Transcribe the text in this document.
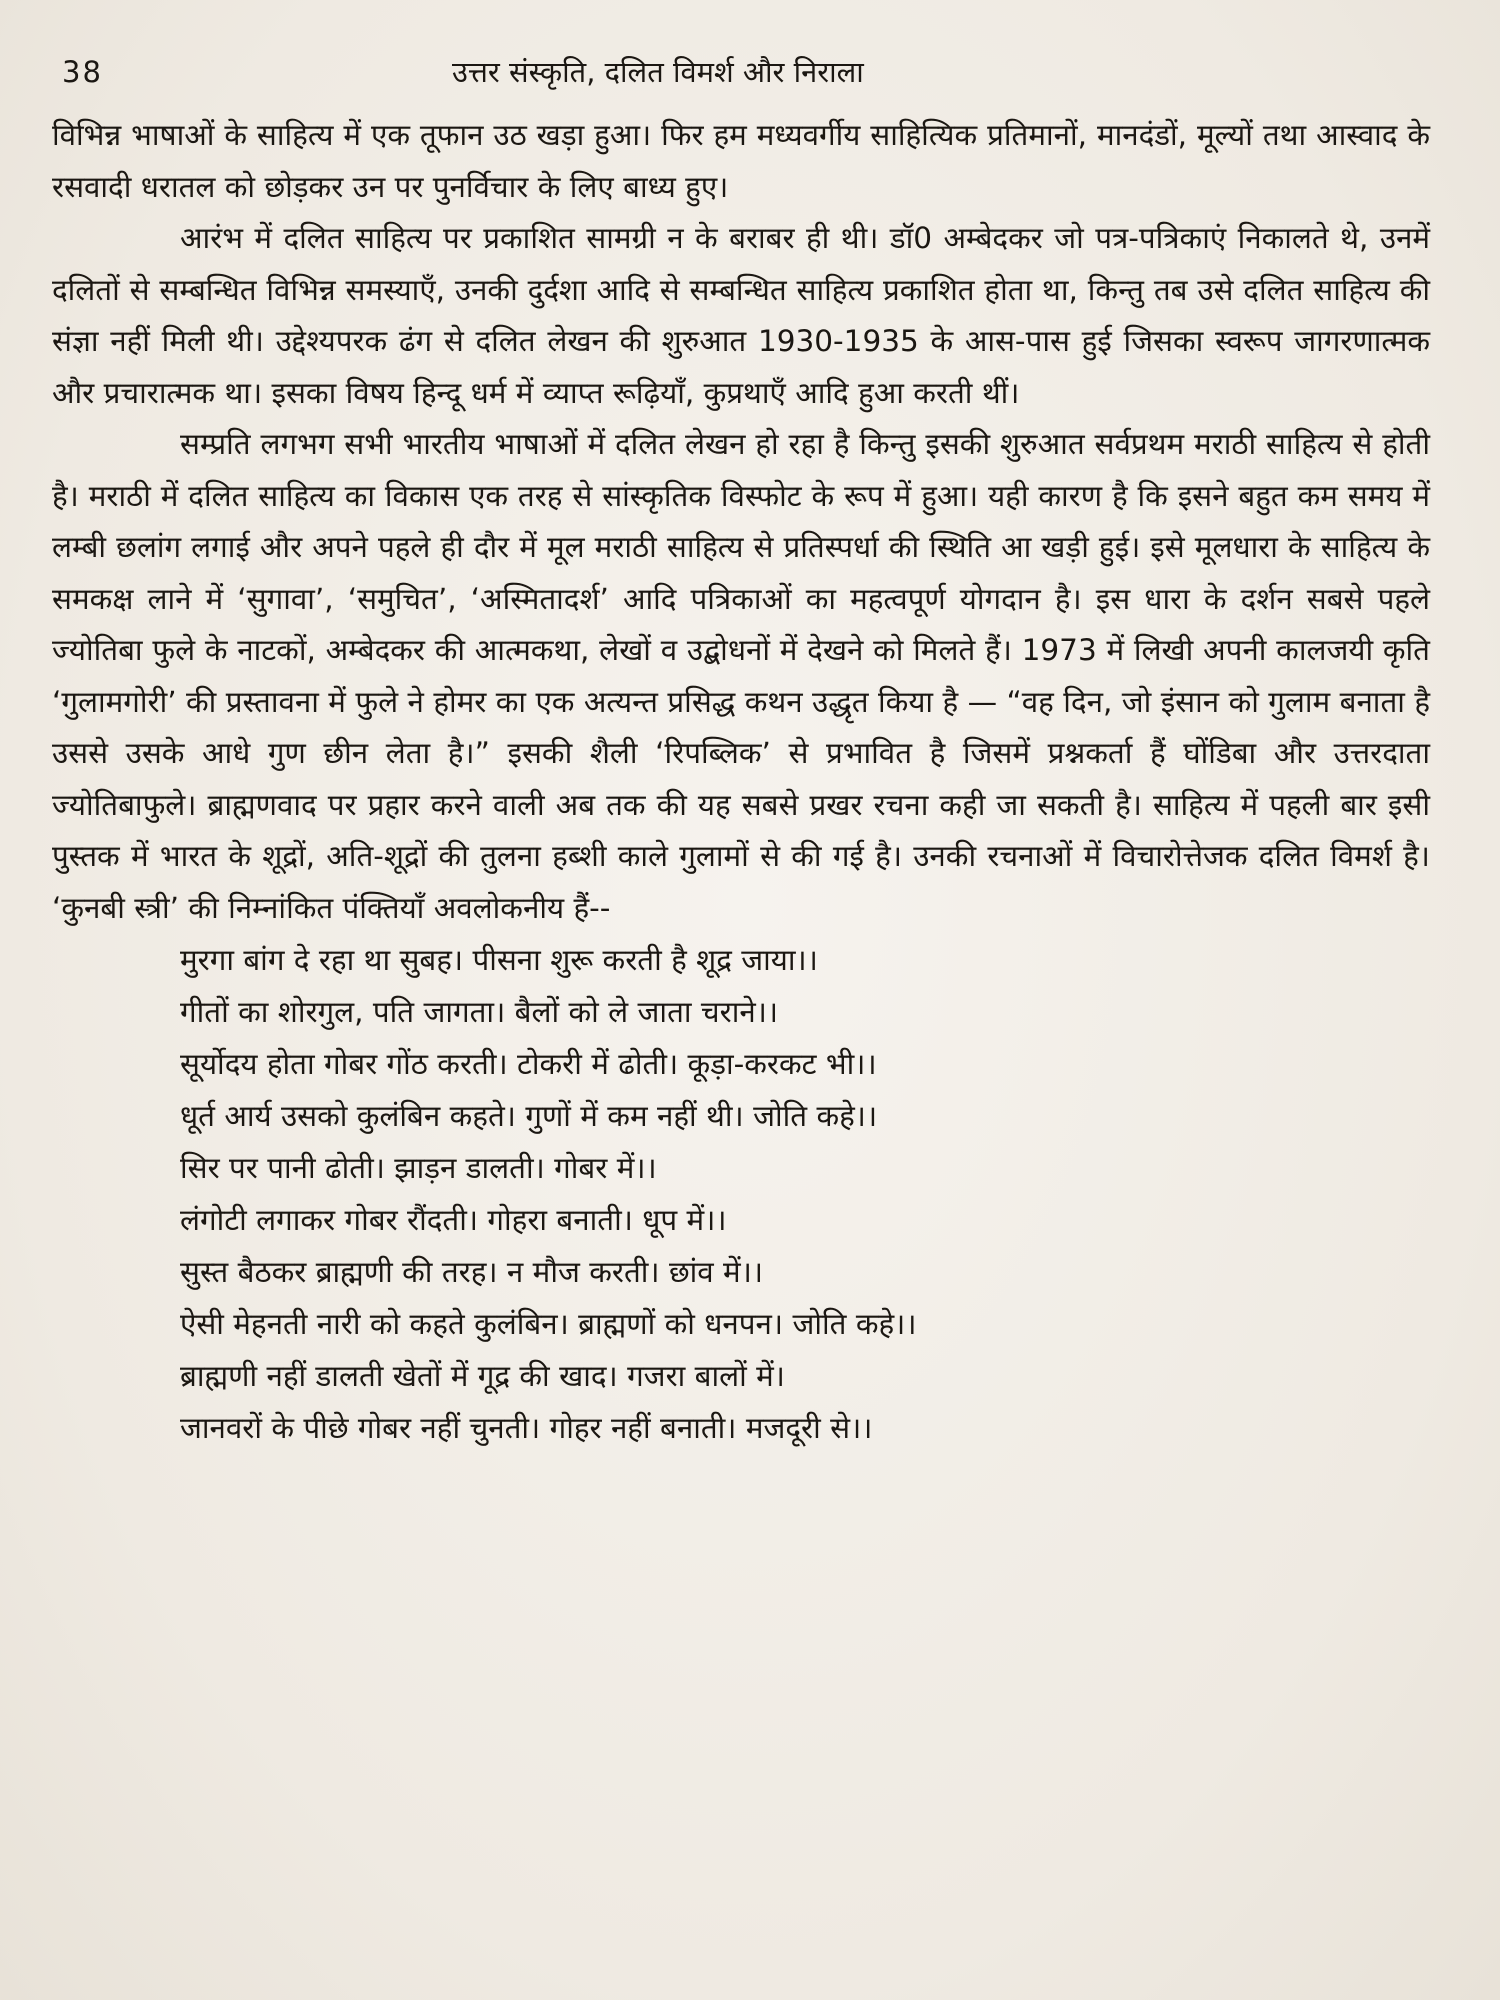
38	उत्तर संस्कृति, दलित विमर्श और निराला

विभिन्न भाषाओं के साहित्य में एक तूफान उठ खड़ा हुआ। फिर हम मध्यवर्गीय साहित्यिक प्रतिमानों, मानदंडों, मूल्यों तथा आस्वाद के रसवादी धरातल को छोड़कर उन पर पुनर्विचार के लिए बाध्य हुए।

आरंभ में दलित साहित्य पर प्रकाशित सामग्री न के बराबर ही थी। डॉ0 अम्बेदकर जो पत्र-पत्रिकाएं निकालते थे, उनमें दलितों से सम्बन्धित विभिन्न समस्याएँ, उनकी दुर्दशा आदि से सम्बन्धित साहित्य प्रकाशित होता था, किन्तु तब उसे दलित साहित्य की संज्ञा नहीं मिली थी। उद्देश्यपरक ढंग से दलित लेखन की शुरुआत 1930-1935 के आस-पास हुई जिसका स्वरूप जागरणात्मक और प्रचारात्मक था। इसका विषय हिन्दू धर्म में व्याप्त रूढ़ियाँ, कुप्रथाएँ आदि हुआ करती थीं।

सम्प्रति लगभग सभी भारतीय भाषाओं में दलित लेखन हो रहा है किन्तु इसकी शुरुआत सर्वप्रथम मराठी साहित्य से होती है। मराठी में दलित साहित्य का विकास एक तरह से सांस्कृतिक विस्फोट के रूप में हुआ। यही कारण है कि इसने बहुत कम समय में लम्बी छलांग लगाई और अपने पहले ही दौर में मूल मराठी साहित्य से प्रतिस्पर्धा की स्थिति आ खड़ी हुई। इसे मूलधारा के साहित्य के समकक्ष लाने में ‘सुगावा’, ‘समुचित’, ‘अस्मितादर्श’ आदि पत्रिकाओं का महत्वपूर्ण योगदान है। इस धारा के दर्शन सबसे पहले ज्योतिबा फुले के नाटकों, अम्बेदकर की आत्मकथा, लेखों व उद्बोधनों में देखने को मिलते हैं। 1973 में लिखी अपनी कालजयी कृति ‘गुलामगोरी’ की प्रस्तावना में फुले ने होमर का एक अत्यन्त प्रसिद्ध कथन उद्धृत किया है — “वह दिन, जो इंसान को गुलाम बनाता है उससे उसके आधे गुण छीन लेता है।” इसकी शैली ‘रिपब्लिक’ से प्रभावित है जिसमें प्रश्नकर्ता हैं घोंडिबा और उत्तरदाता ज्योतिबाफुले। ब्राह्मणवाद पर प्रहार करने वाली अब तक की यह सबसे प्रखर रचना कही जा सकती है। साहित्य में पहली बार इसी पुस्तक में भारत के शूद्रों, अति-शूद्रों की तुलना हब्शी काले गुलामों से की गई है। उनकी रचनाओं में विचारोत्तेजक दलित विमर्श है। ‘कुनबी स्त्री’ की निम्नांकित पंक्तियाँ अवलोकनीय हैं--

मुरगा बांग दे रहा था सुबह। पीसना शुरू करती है शूद्र जाया।।
गीतों का शोरगुल, पति जागता। बैलों को ले जाता चराने।।
सूर्योदय होता गोबर गोंठ करती। टोकरी में ढोती। कूड़ा-करकट भी।।
धूर्त आर्य उसको कुलंबिन कहते। गुणों में कम नहीं थी। जोति कहे।।
सिर पर पानी ढोती। झाड़न डालती। गोबर में।।
लंगोटी लगाकर गोबर रौंदती। गोहरा बनाती। धूप में।।
सुस्त बैठकर ब्राह्मणी की तरह। न मौज करती। छांव में।।
ऐसी मेहनती नारी को कहते कुलंबिन। ब्राह्मणों को धनपन। जोति कहे।।
ब्राह्मणी नहीं डालती खेतों में गूद्र की खाद। गजरा बालों में।
जानवरों के पीछे गोबर नहीं चुनती। गोहर नहीं बनाती। मजदूरी से।।
